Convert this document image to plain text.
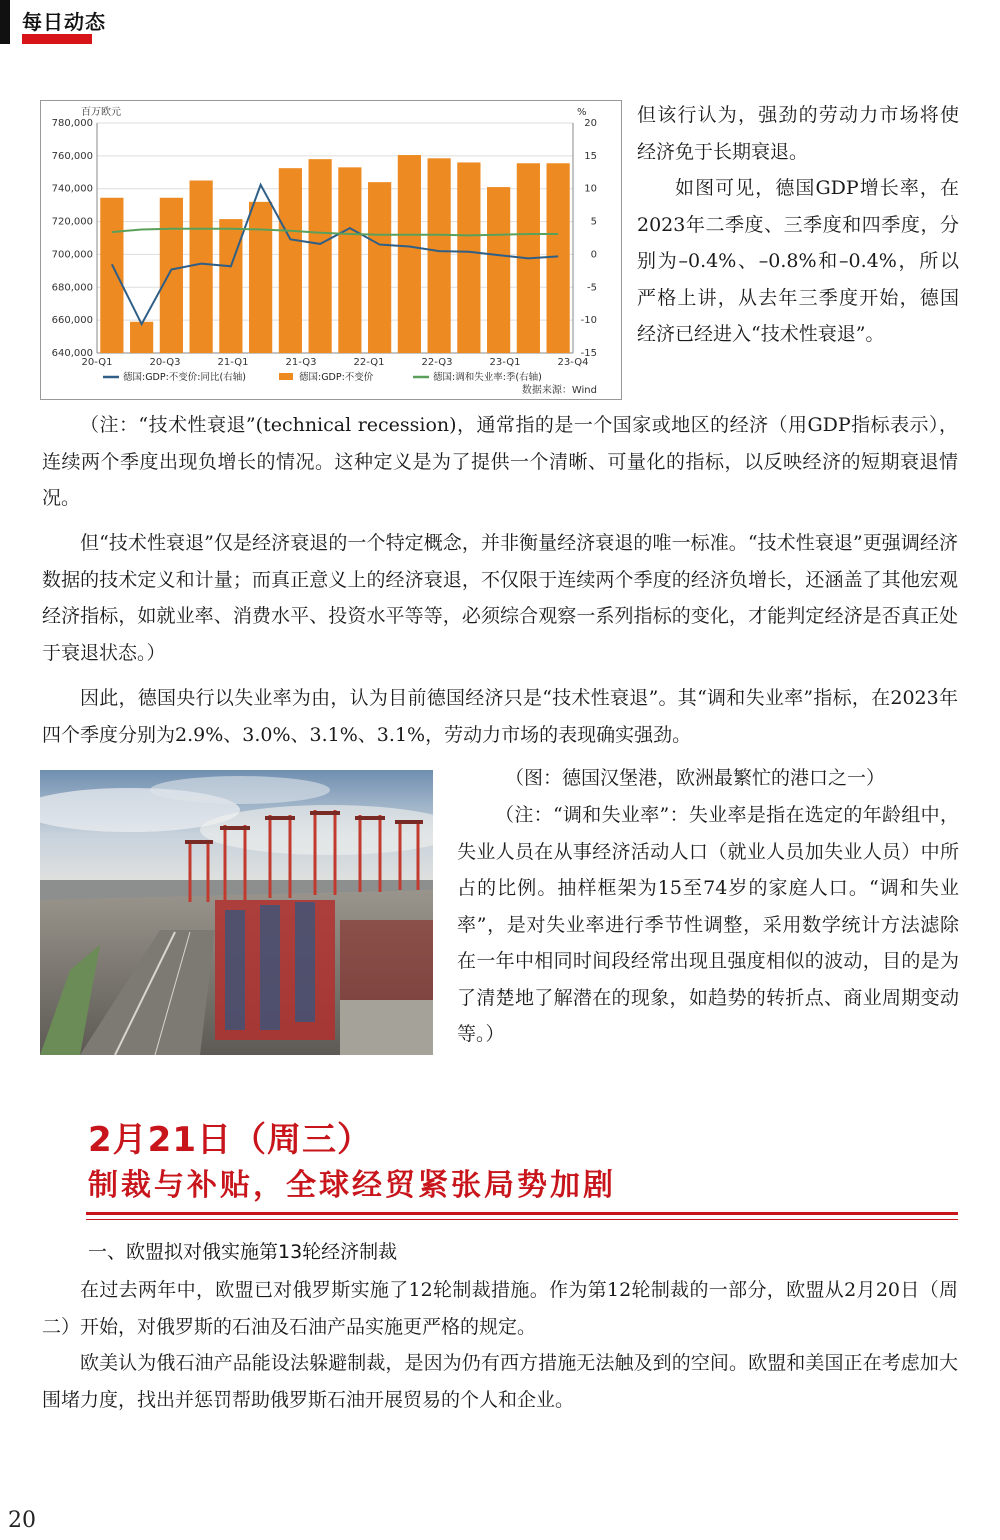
每日动态
百万欧元	%
780,000
760,000
740,000
720,000
700,000
680,000
660,000
640,000
20
15
10
5
0
-5
-10
-15
20-Q1	20-Q3	21-Q1	21-Q3	22-Q1	22-Q3	23-Q1	23-Q4
德国:GDP:不变价:同比(右轴)	德国:GDP:不变价	德国:调和失业率:季(右轴)
数据来源：Wind

但该行认为，强劲的劳动力市场将使经济免于长期衰退。

如图可见，德国GDP增长率，在2023年二季度、三季度和四季度，分别为–0.4%、–0.8%和–0.4%，所以严格上讲，从去年三季度开始，德国经济已经进入“技术性衰退”。

（注：“技术性衰退”(technical recession)，通常指的是一个国家或地区的经济（用GDP指标表示），连续两个季度出现负增长的情况。这种定义是为了提供一个清晰、可量化的指标，以反映经济的短期衰退情况。

但“技术性衰退”仅是经济衰退的一个特定概念，并非衡量经济衰退的唯一标准。“技术性衰退”更强调经济数据的技术定义和计量；而真正意义上的经济衰退，不仅限于连续两个季度的经济负增长，还涵盖了其他宏观经济指标，如就业率、消费水平、投资水平等等，必须综合观察一系列指标的变化，才能判定经济是否真正处于衰退状态。）

因此，德国央行以失业率为由，认为目前德国经济只是“技术性衰退”。其“调和失业率”指标，在2023年四个季度分别为2.9%、3.0%、3.1%、3.1%，劳动力市场的表现确实强劲。

（图：德国汉堡港，欧洲最繁忙的港口之一）

（注：“调和失业率”：失业率是指在选定的年龄组中，失业人员在从事经济活动人口（就业人员加失业人员）中所占的比例。抽样框架为15至74岁的家庭人口。“调和失业率”，是对失业率进行季节性调整，采用数学统计方法滤除在一年中相同时间段经常出现且强度相似的波动，目的是为了清楚地了解潜在的现象，如趋势的转折点、商业周期变动等。）

2月21日（周三）
制裁与补贴，全球经贸紧张局势加剧
一、欧盟拟对俄实施第13轮经济制裁

在过去两年中，欧盟已对俄罗斯实施了12轮制裁措施。作为第12轮制裁的一部分，欧盟从2月20日（周二）开始，对俄罗斯的石油及石油产品实施更严格的规定。

欧美认为俄石油产品能设法躲避制裁，是因为仍有西方措施无法触及到的空间。欧盟和美国正在考虑加大围堵力度，找出并惩罚帮助俄罗斯石油开展贸易的个人和企业。

20
